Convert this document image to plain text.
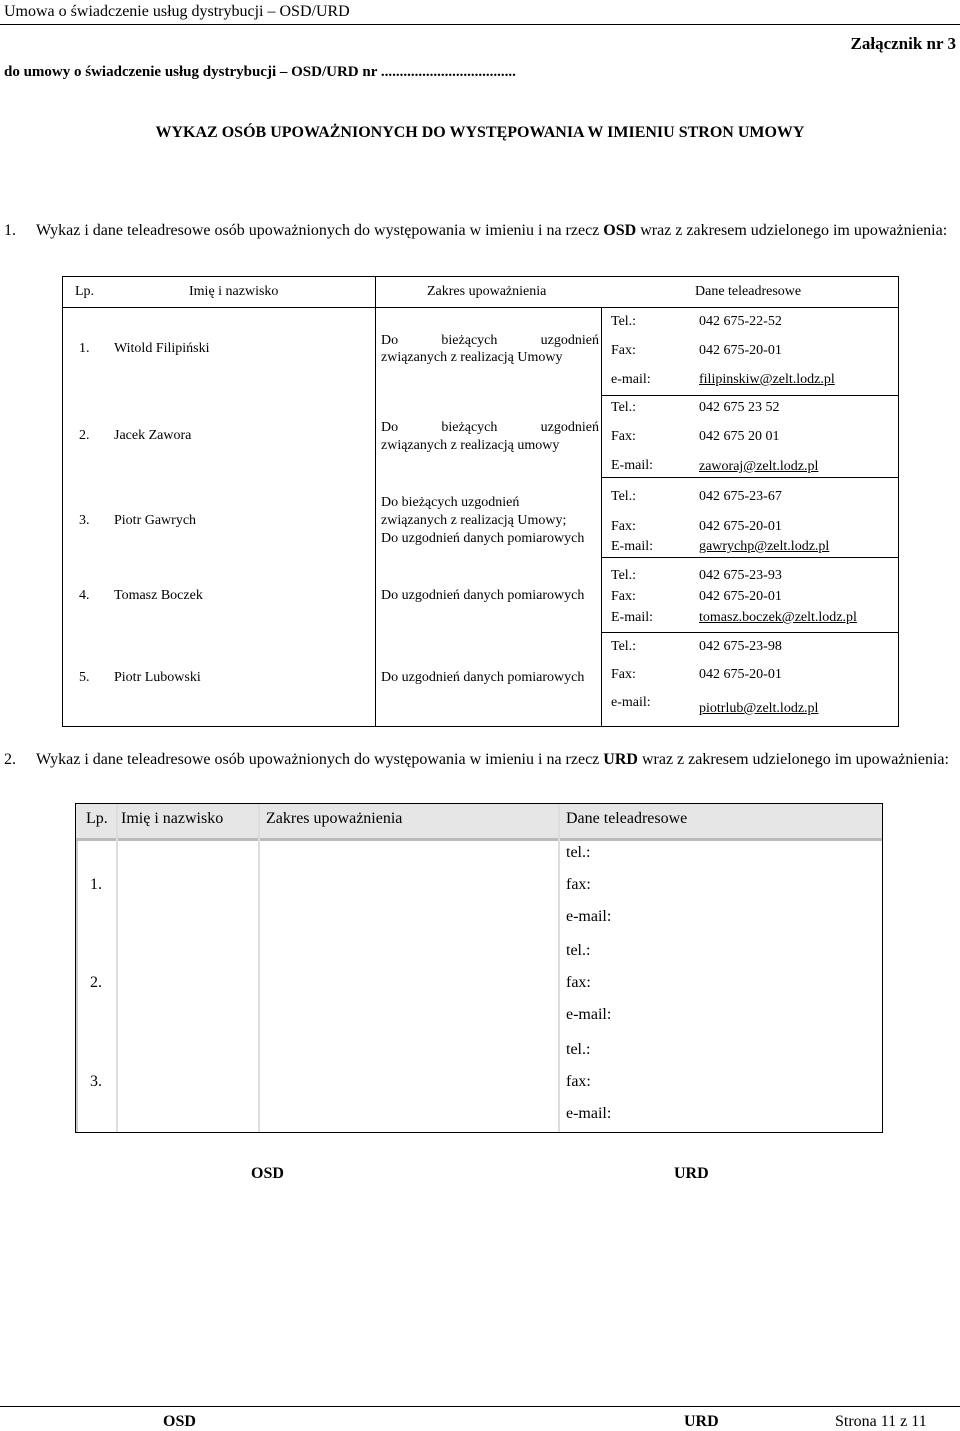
Umowa o świadczenie usług dystrybucji – OSD/URD
Załącznik nr 3
do umowy o świadczenie usług dystrybucji – OSD/URD nr ....................................
WYKAZ OSÓB UPOWAŻNIONYCH DO WYSTĘPOWANIA W IMIENIU STRON UMOWY
1. Wykaz i dane teleadresowe osób upoważnionych do występowania w imieniu i na rzecz OSD wraz z zakresem udzielonego im upoważnienia:
Lp.	Imię i nazwisko	Zakres upoważnienia	Dane teleadresowe
1. Witold Filipiński
Do bieżących uzgodnień
związanych z realizacją Umowy
Tel.:	042 675-22-52
Fax:	042 675-20-01
e-mail:	filipinskiw@zelt.lodz.pl
2. Jacek Zawora
Do bieżących uzgodnień
związanych z realizacją umowy
Tel.:	042 675 23 52
Fax:	042 675 20 01
E-mail:	zaworaj@zelt.lodz.pl
3. Piotr Gawrych
Do bieżących uzgodnień
związanych z realizacją Umowy;
Do uzgodnień danych pomiarowych
Tel.:	042 675-23-67
Fax:	042 675-20-01
E-mail:	gawrychp@zelt.lodz.pl
4. Tomasz Boczek	Do uzgodnień danych pomiarowych
Tel.:	042 675-23-93
Fax:	042 675-20-01
E-mail:	tomasz.boczek@zelt.lodz.pl
5. Piotr Lubowski	Do uzgodnień danych pomiarowych
Tel.:	042 675-23-98
Fax:	042 675-20-01
e-mail:	piotrlub@zelt.lodz.pl
2. Wykaz i dane teleadresowe osób upoważnionych do występowania w imieniu i na rzecz URD wraz z zakresem udzielonego im upoważnienia:
Lp. Imię i nazwisko	Zakres upoważnienia	Dane teleadresowe
1.
tel.:
fax:
e-mail:
2.
tel.:
fax:
e-mail:
3.
tel.:
fax:
e-mail:
OSD	URD
OSD	URD	Strona 11 z 11
